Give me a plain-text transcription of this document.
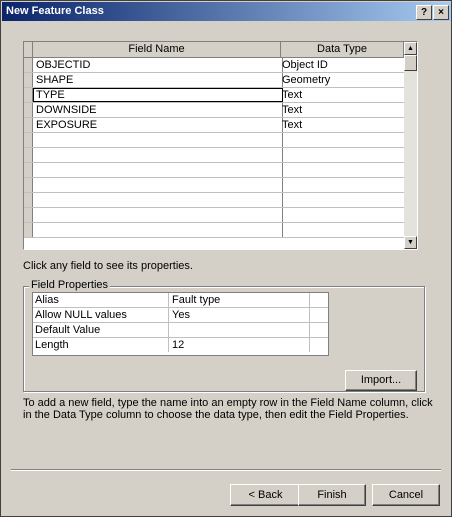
New Feature Class	?	×
Field Name	Data Type
OBJECTID	Object ID
SHAPE	Geometry
TYPE	Text
DOWNSIDE	Text
EXPOSURE	Text
▲
▼
Click any field to see its properties.
Field Properties
Alias	Fault type
Allow NULL values	Yes
Default Value
Length	12
Import...
To add a new field, type the name into an empty row in the Field Name column, click in the Data Type column to choose the data type, then edit the Field Properties.
< Back	Finish	Cancel
